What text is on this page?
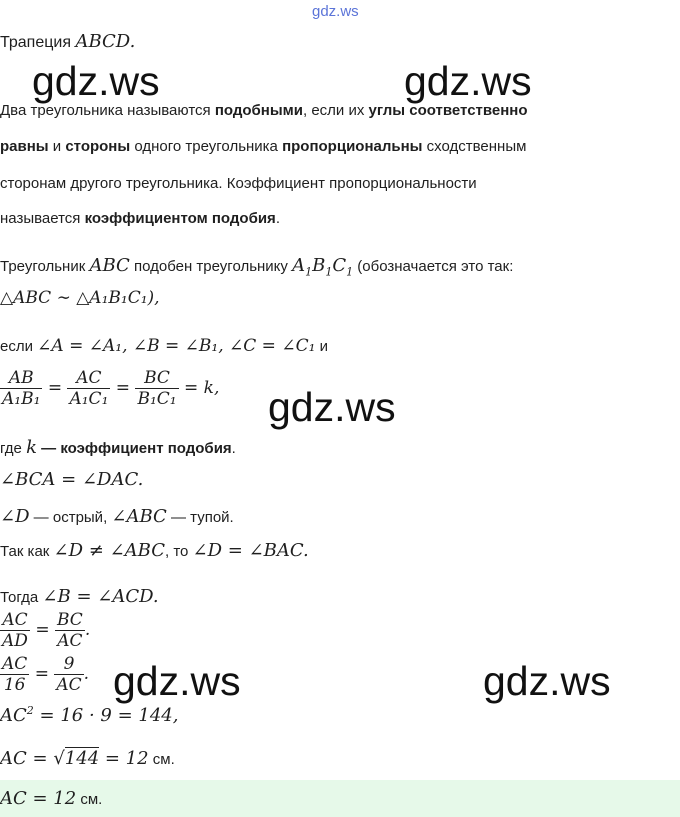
gdz.ws
Трапеция ABCD.
Два треугольника называются подобными, если их углы соответственно
равны и стороны одного треугольника пропорциональны сходственным
сторонам другого треугольника. Коэффициент пропорциональности
называется коэффициентом подобия.
Треугольник ABC подобен треугольнику $A_1B_1C_1$ (обозначается это так:
△ABC ∼ △A₁B₁C₁),
если ∠A = ∠A₁, ∠B = ∠B₁, ∠C = ∠C₁ и
$\frac{AB}{\text{A₁B₁}} = \frac{AC}{\text{A₁C₁}} = \frac{BC}{\text{B₁C₁}} = k$,
где k — коэффициент подобия.
∠BCA = ∠DAC.
∠D — острый, ∠ABC — тупой.
Так как ∠D ≠ ∠ABC, то ∠D = ∠BAC.
Тогда ∠B = ∠ACD.
$\frac{AC}{AD} = \frac{BC}{AC}$ .
$\frac{AC}{16} = \frac{9}{AC}$ .
$AC^2 = 16 \cdot 9 = 144$,
AC = √144 = 12 см.
AC = 12 см.
gdz.ws	gdz.ws
gdz.ws
gdz.ws	gdz.ws
